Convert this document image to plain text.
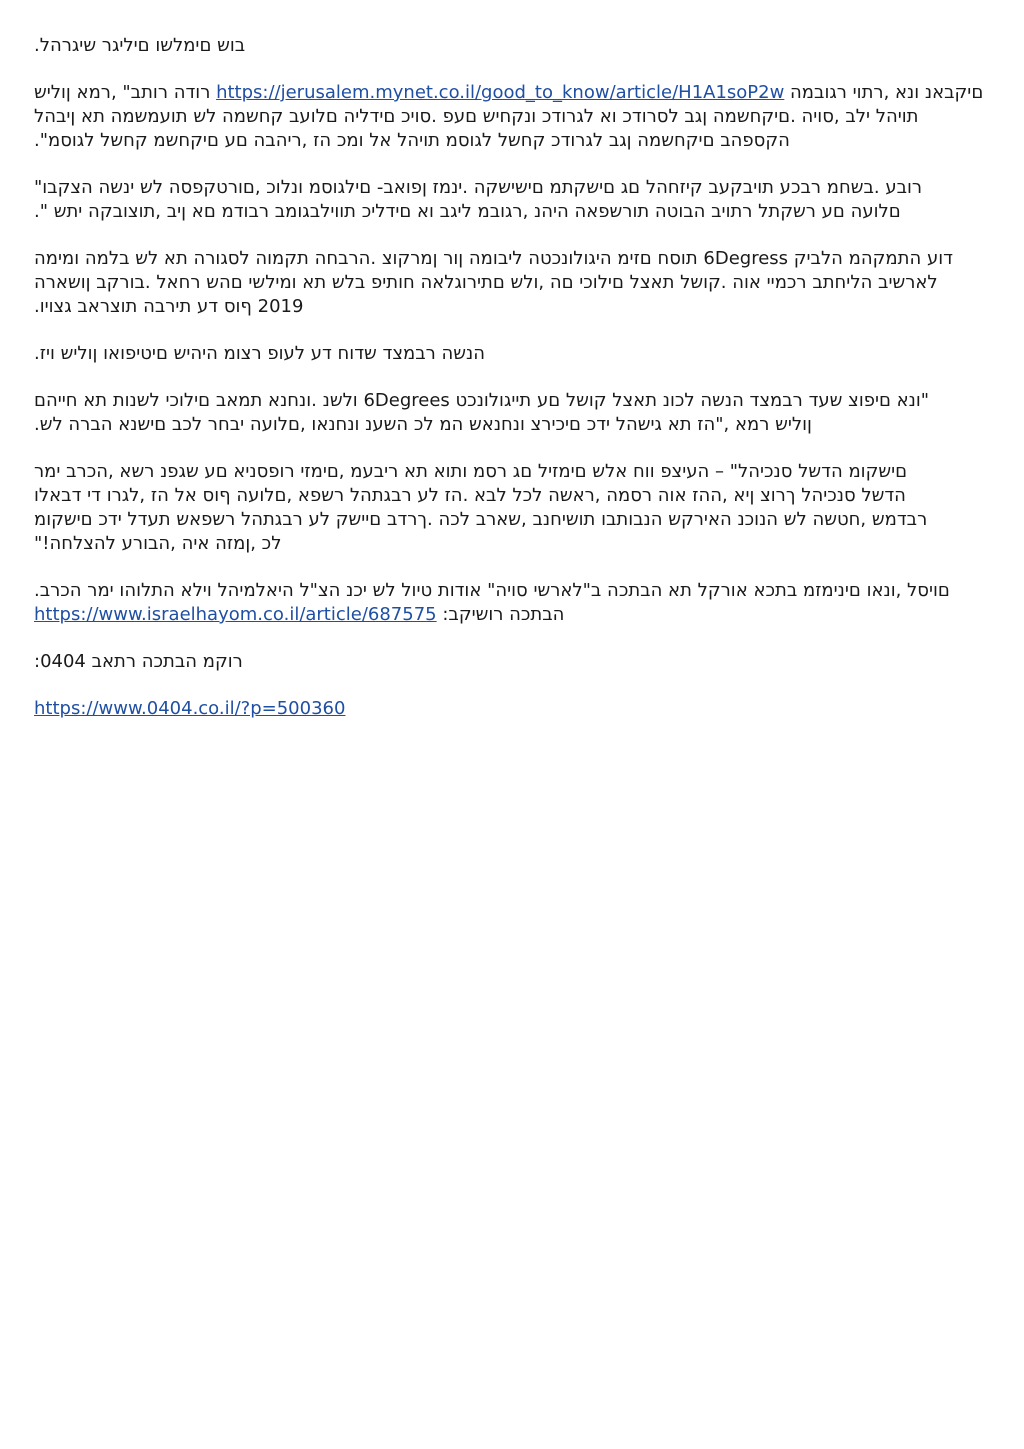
בוש םימלשו םיליגר שיגרהל.

םיקבאנ ונא ,רתוי רגובמה https://jerusalem.mynet.co.il/good_to_know/article/H1A1soP2w רודה רותב" ,רמא ןוליש
תויהל ילב ,סויה .םיקחשמה ןגב לסרודכ וא לגרודכ ונקחיש םעפ .סויכ םידליה םלועב קחשמה לש תועמשמה תא ןיבהל
הקספהב םיקחשמה ןגב לגרודכ קחשל לגוסמ תויהל אל ומכ הז ,ריהבה םע םיקחשמ קחשל לגוסמ".

רובע .בשחמ רבכע תויבקעב קיזחהל םג םישקתמ םישישקה .ינמז ןפואב- םילגוסמ ונלוכ ,םורטקפסה לש ינשה הצקבו"
םלועה םע רשקתל רתויב הבוטה תורשפאה היהנ ,רגובמ ליגב וא םידליכ תווילבגומב רבודמ םא ןיב ,תוצובקה יתש ".

דוע התמקהמ הלביק 6Degress תוסח םזימ היגולונכטה ליבומה ןור ןמרקוצ .הרבחה תקמוה לסגורה תא לש בלמה ומימה
לארשיב הליחתב רכמיי אוה .קושל תאצל םילוכי םה ,ולש םתירוגלאה חותיפ בלש תא ומילשי םהש רחאל .בורקב ןושארה
2019 ףוס דע תירבה תוצראב גצויו.

הנשה רבמצד שדוח דע לעופ רצומ היהיש םיטיפואו ןוליש ויז.

"ונא םיפוצ שעד רבמצד הנשה לכונ תאצל קושל םע תייגולונכט 6Degrees ולשנ .ונחנא תמאב םילוכי לשנות תא חייהם
ןוליש רמא ,"הז תא גישהל ידכ םיכירצ ונחנאש המ לכ השענ ונחנאו ,םלועה יבחר לכב םישנא הברה לש.

םישקומ הדשל סנכיהל" – העיצפ ווח אלש םימזיל םג רסמ ותוא תא ריבעמ ,םימזי רופסניא םע שגפנ רשא ,הכרב ימר
הדשל סנכיהל ךרוצ ןיא ,ההז אוה רסמה ,ראשה לכל לבא .הז לע רבגתהל רשפא ,םלועה ףוס אל הז ,לגרו די דבאלו
רבדמש ,חטשה לש הנוכנ האירקש הנבותבו תושיחנב ,שארב לכה .ךרדב םיישק לע רבגתהל רשפאש תעדל ידכ םישקומ
לכ ,ןמזה איה ,הבורע להצלחה!"

םויסל ,ונאו םינימזמ בתכא אורקל תא הבתכה ב"לארשי סויה" אודות טיול לש יכנ הצ"ל היאלמיהל וילא התלוהו ימר הכרב.
הבתכה רושיקב: https://www.israelhayom.co.il/article/687575

רוקמ הבתכה רתאב 0404:

https://www.0404.co.il/?p=500360
